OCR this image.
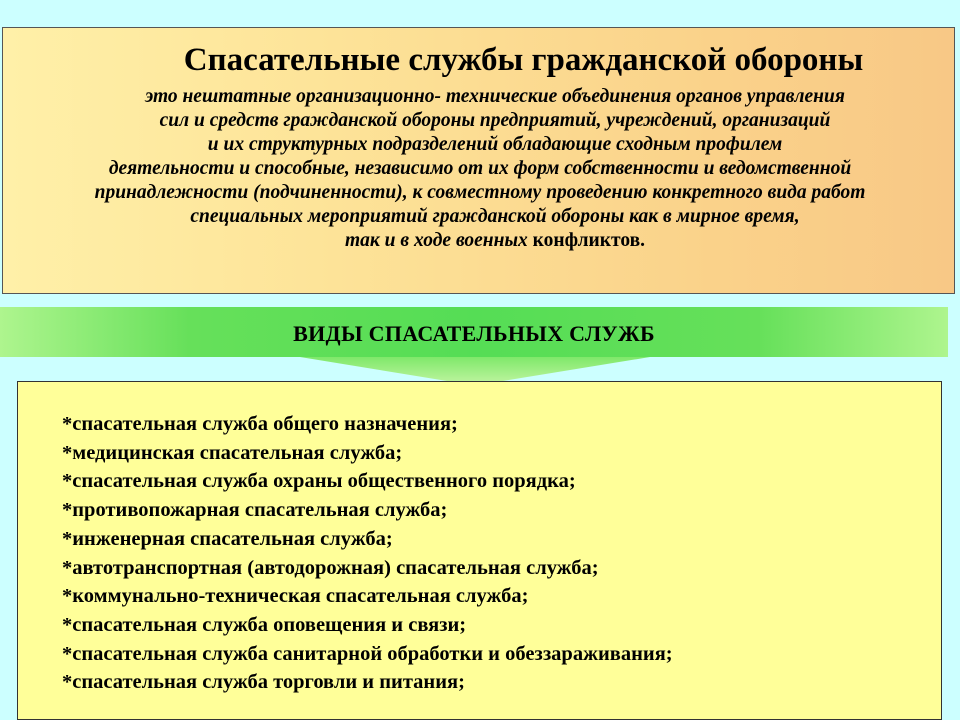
Спасательные службы гражданской обороны
это нештатные организационно- технические объединения органов управления
сил и средств гражданской обороны предприятий, учреждений, организаций
и их структурных подразделений обладающие сходным профилем
деятельности и способные, независимо от их форм собственности и ведомственной
принадлежности (подчиненности), к совместному проведению конкретного вида работ
специальных мероприятий гражданской обороны как в мирное время,
так и в ходе военных конфликтов.
ВИДЫ СПАСАТЕЛЬНЫХ СЛУЖБ
*спасательная служба общего назначения;
*медицинская спасательная служба;
*спасательная служба охраны общественного порядка;
*противопожарная спасательная служба;
*инженерная спасательная служба;
*автотранспортная (автодорожная) спасательная служба;
*коммунально-техническая спасательная служба;
*спасательная служба оповещения и связи;
*спасательная служба санитарной обработки и обеззараживания;
*спасательная служба торговли и питания;
